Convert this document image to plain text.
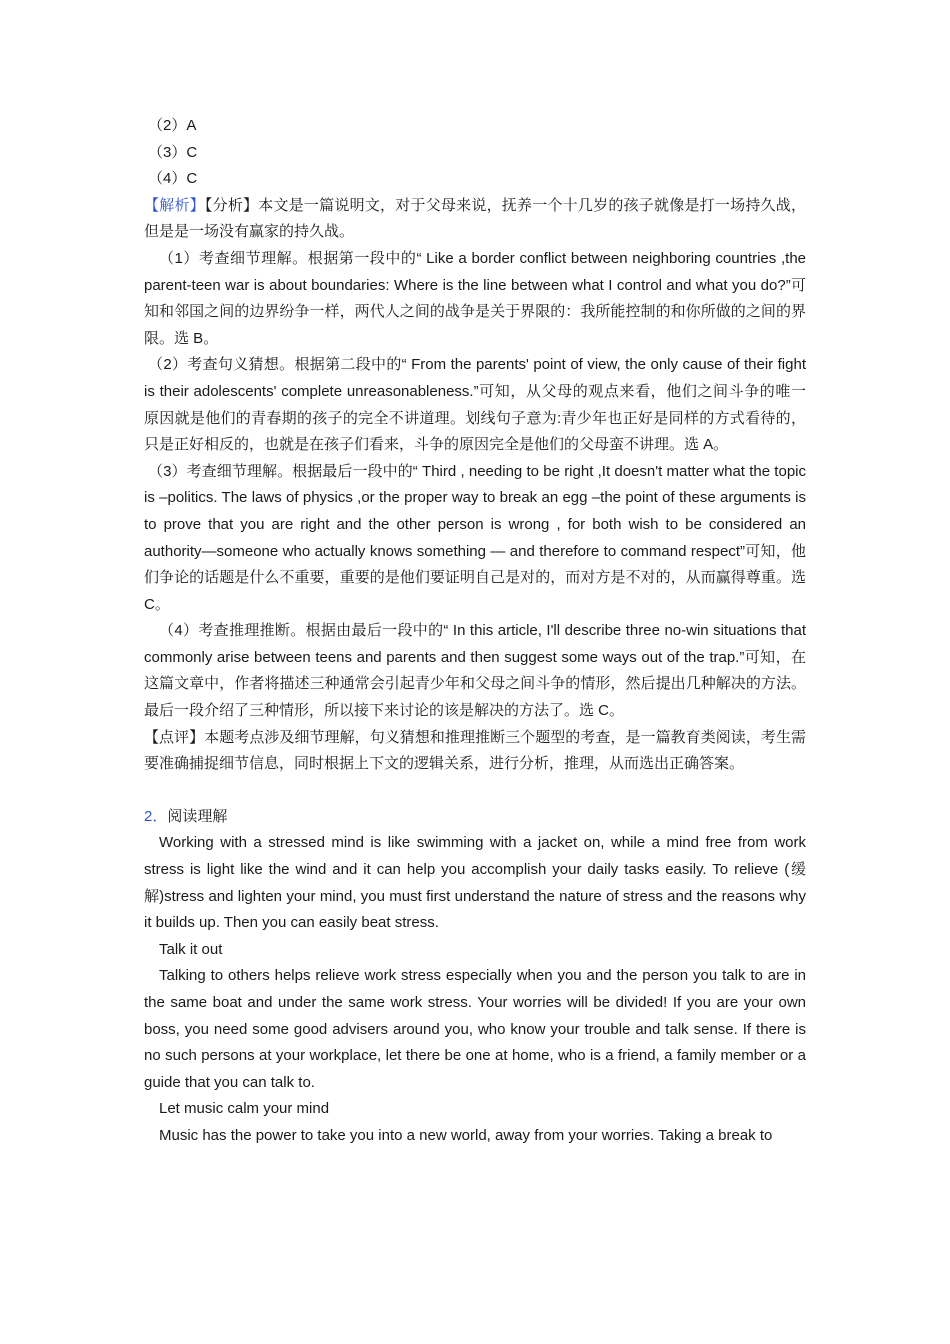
（2）A

（3）C

（4）C

【解析】【分析】本文是一篇说明文，对于父母来说，抚养一个十几岁的孩子就像是打一场持久战，但是是一场没有赢家的持久战。

（1）考查细节理解。根据第一段中的“ Like a border conflict between neighboring countries ,the parent-teen war is about boundaries: Where is the line between what I control and what you do?”可知和邻国之间的边界纷争一样，两代人之间的战争是关于界限的：我所能控制的和你所做的之间的界限。选 B。

（2）考查句义猜想。根据第二段中的“ From the parents' point of view, the only cause of their fight is their adolescents' complete unreasonableness.”可知，从父母的观点来看，他们之间斗争的唯一原因就是他们的青春期的孩子的完全不讲道理。划线句子意为:青少年也正好是同样的方式看待的，只是正好相反的，也就是在孩子们看来，斗争的原因完全是他们的父母蛮不讲理。选 A。

（3）考查细节理解。根据最后一段中的“ Third , needing to be right ,It doesn't matter what the topic is –politics. The laws of physics ,or the proper way to break an egg –the point of these arguments is to prove that you are right and the other person is wrong , for both wish to be considered an authority—someone who actually knows something — and therefore to command respect”可知，他们争论的话题是什么不重要，重要的是他们要证明自己是对的，而对方是不对的，从而赢得尊重。选 C。

（4）考查推理推断。根据由最后一段中的“ In this article, I'll describe three no-win situations that commonly arise between teens and parents and then suggest some ways out of the trap.”可知，在这篇文章中，作者将描述三种通常会引起青少年和父母之间斗争的情形，然后提出几种解决的方法。最后一段介绍了三种情形，所以接下来讨论的该是解决的方法了。选 C。

【点评】本题考点涉及细节理解，句义猜想和推理推断三个题型的考查，是一篇教育类阅读，考生需要准确捕捉细节信息，同时根据上下文的逻辑关系，进行分析，推理，从而选出正确答案。

2．阅读理解

Working with a stressed mind is like swimming with a jacket on, while a mind free from work stress is light like the wind and it can help you accomplish your daily tasks easily. To relieve (缓解)stress and lighten your mind, you must first understand the nature of stress and the reasons why it builds up. Then you can easily beat stress.

Talk it out

Talking to others helps relieve work stress especially when you and the person you talk to are in the same boat and under the same work stress. Your worries will be divided! If you are your own boss, you need some good advisers around you, who know your trouble and talk sense. If there is no such persons at your workplace, let there be one at home, who is a friend, a family member or a guide that you can talk to.

Let music calm your mind

Music has the power to take you into a new world, away from your worries. Taking a break to
